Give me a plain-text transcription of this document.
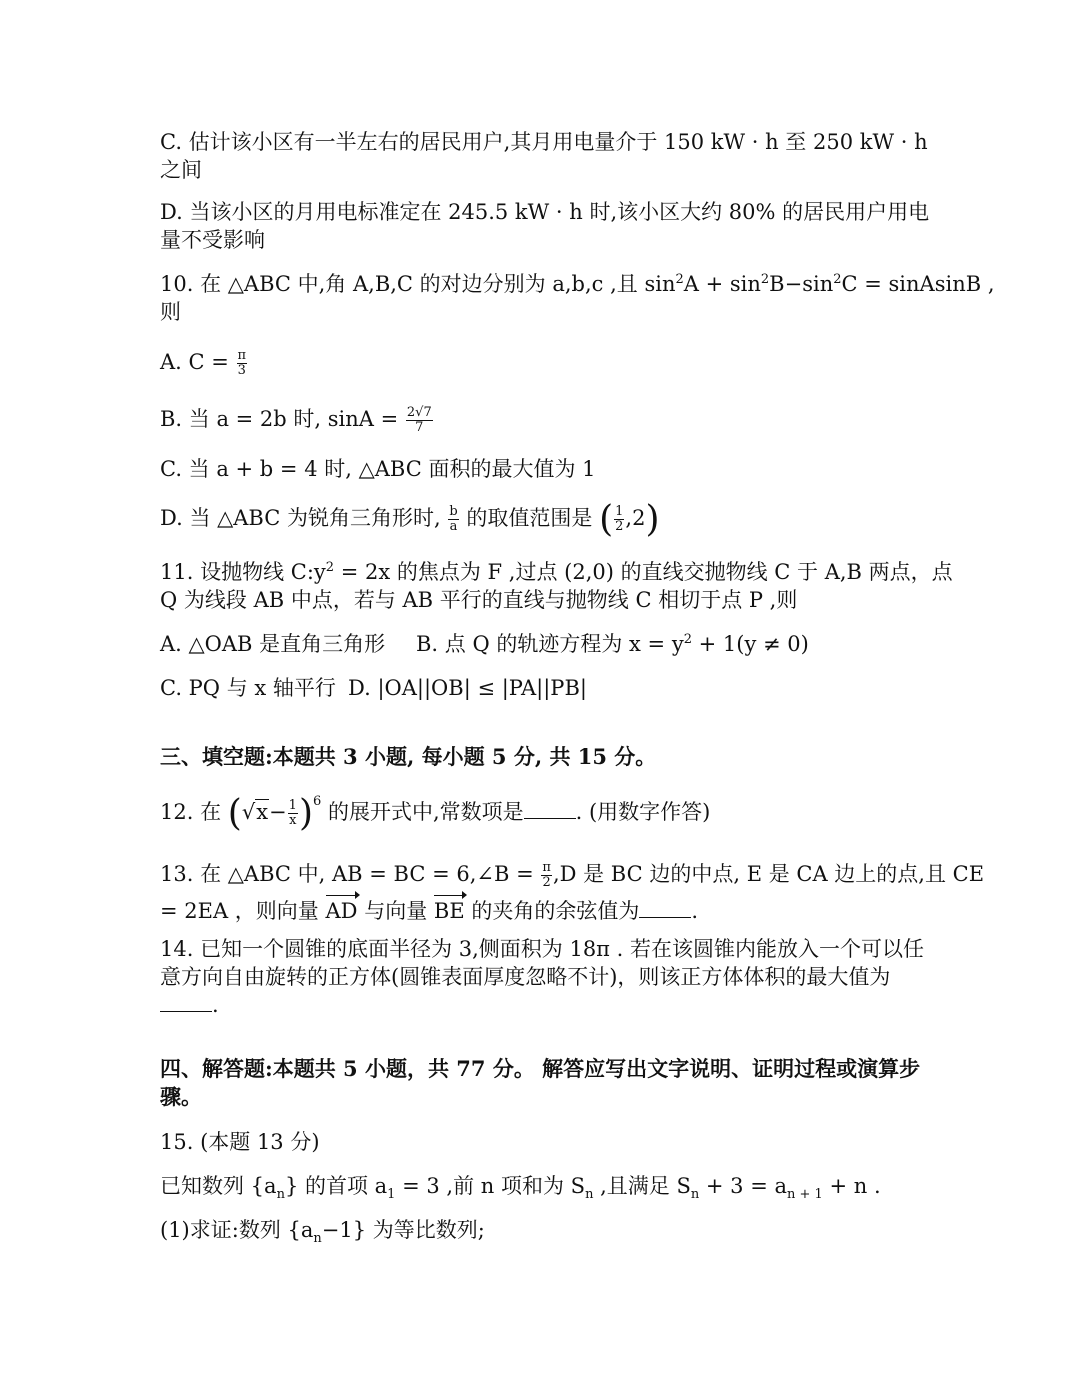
C. 估计该小区有一半左右的居民用户,其月用电量介于 150 kW · h 至 250 kW · h 之间
D. 当该小区的月用电标准定在 245.5 kW · h 时,该小区大约 80% 的居民用户用电量不受影响
10. 在 △ABC 中,角 A,B,C 的对边分别为 a,b,c ,且 $\sin^2A + \sin^2B-\sin^2C$ = sinAsinB ,
则
A. $C = \frac{\pi}{3}$
B. 当 a = 2b 时, $\sin A = \frac{2√7}{7}$
C. 当 a + b = 4 时, △ABC 面积的最大值为 1
D. 当 △ABC 为锐角三角形时, $\frac{b}{a}$ 的取值范围是 ( $\frac{1}{2} ,2$)
11. 设抛物线 $C:y^2 = 2x$ 的焦点为 F ,过点 (2,0) 的直线交抛物线 C 于 A,B 两点，点
Q 为线段 AB 中点，若与 AB 平行的直线与抛物线 C 相切于点 P ,则
A. △OAB 是直角三角形 B. 点 Q 的轨迹方程为 $x = y^2 + 1(y \ne 0)$
C. PQ 与 x 轴平行 D. |OA||OB| ≤ |PA||PB|
三、填空题:本题共 3 小题, 每小题 5 分, 共 15 分。
12. 在 $(√x- \frac{1}{x} )^6$ 的展开式中,常数项是 . (用数字作答)
13. 在 △ABC 中, AB = BC = 6,∠B = $\frac{\pi}{2} ,D$ 是 BC 边的中点, E 是 CA 边上的点,且 CE
= 2EA ，则向量 AD 与向量 BE 的夹角的余弦值为 .
14. 已知一个圆锥的底面半径为 3,侧面积为 18π . 若在该圆锥内能放入一个可以任意方向自由旋转的正方体(圆锥表面厚度忽略不计)，则该正方体体积的最大值为
.
四、解答题:本题共 5 小题，共 77 分。 解答应写出文字说明、证明过程或演算步骤。
15. (本题 13 分)
已知数列 $\{a_n\}$ 的首项 $a_1 = 3$ ,前 n 项和为 $S_n$ ,且满足 $S_n + 3 = a_{n + 1} + n$ .
(1)求证:数列 $\{a_n-1\}$ 为等比数列;
